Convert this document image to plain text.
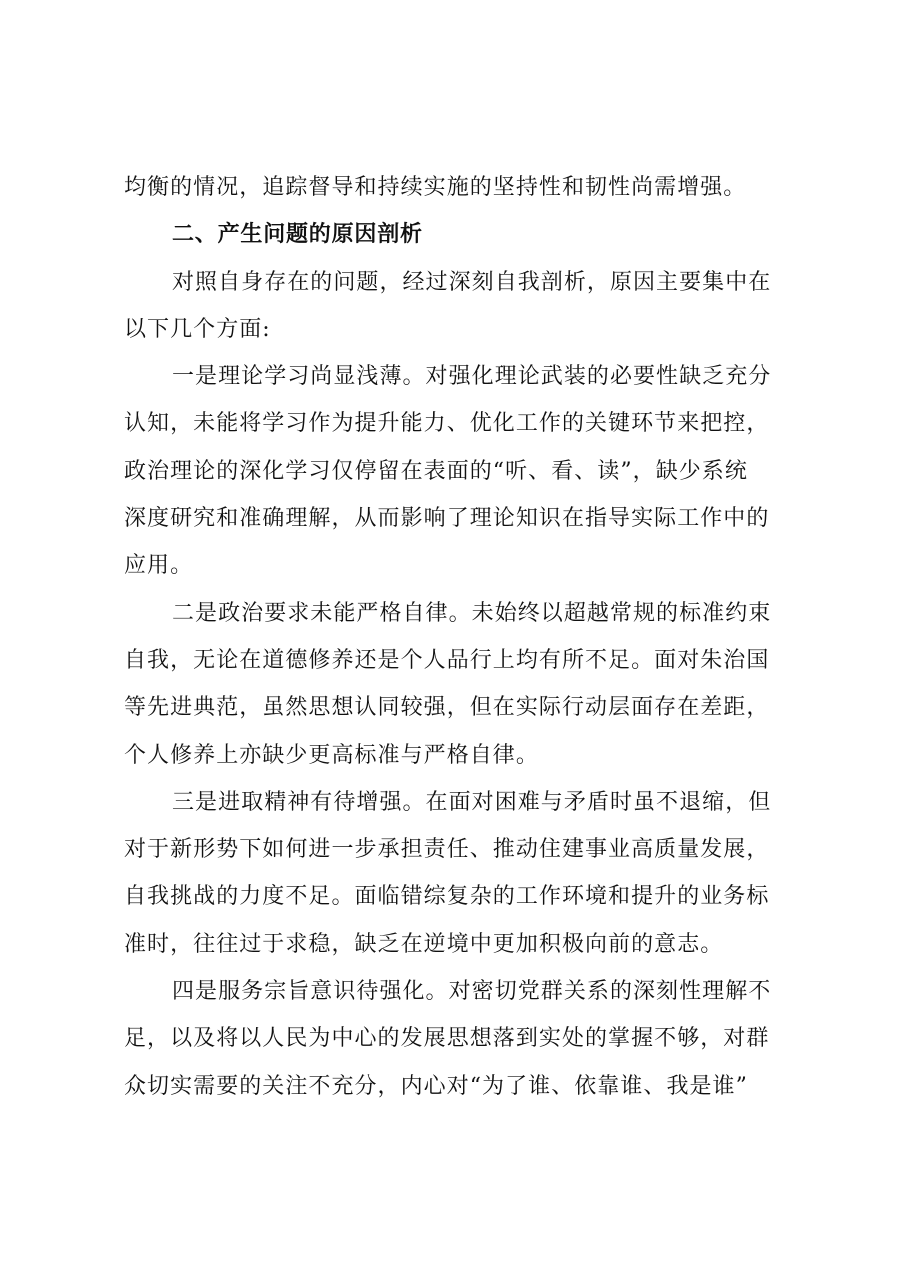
均衡的情况，追踪督导和持续实施的坚持性和韧性尚需增强。
二、产生问题的原因剖析
对照自身存在的问题，经过深刻自我剖析，原因主要集中在
以下几个方面:
一是理论学习尚显浅薄。对强化理论武装的必要性缺乏充分
认知，未能将学习作为提升能力、优化工作的关键环节来把控，
政治理论的深化学习仅停留在表面的“听、看、读”，缺少系统
深度研究和准确理解，从而影响了理论知识在指导实际工作中的
应用。
二是政治要求未能严格自律。未始终以超越常规的标准约束
自我，无论在道德修养还是个人品行上均有所不足。面对朱治国
等先进典范，虽然思想认同较强，但在实际行动层面存在差距，
个人修养上亦缺少更高标准与严格自律。
三是进取精神有待增强。在面对困难与矛盾时虽不退缩，但
对于新形势下如何进一步承担责任、推动住建事业高质量发展，
自我挑战的力度不足。面临错综复杂的工作环境和提升的业务标
准时，往往过于求稳，缺乏在逆境中更加积极向前的意志。
四是服务宗旨意识待强化。对密切党群关系的深刻性理解不
足，以及将以人民为中心的发展思想落到实处的掌握不够，对群
众切实需要的关注不充分，内心对“为了谁、依靠谁、我是谁”
